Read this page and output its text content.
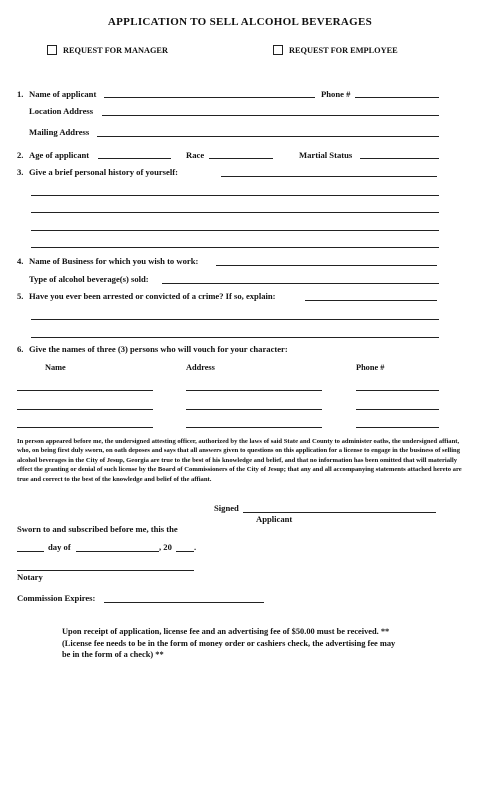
APPLICATION TO SELL ALCOHOL BEVERAGES
REQUEST FOR MANAGER	REQUEST FOR EMPLOYEE
1. Name of applicant	Phone #
Location Address
Mailing Address
2. Age of applicant	Race	Martial Status
3. Give a brief personal history of yourself:
4. Name of Business for which you wish to work:
Type of alcohol beverage(s) sold:
5. Have you ever been arrested or convicted of a crime? If so, explain:
6. Give the names of three (3) persons who will vouch for your character:
Name	Address	Phone #
In person appeared before me, the undersigned attesting officer, authorized by the laws of said State and County to administer oaths, the undersigned affiant, who, on being first duly sworn, on oath deposes and says that all answers given to questions on this application for a license to engage in the business of selling alcohol beverages in the City of Jesup, Georgia are true to the best of his knowledge and belief, and that no information has been omitted that will materially effect the granting or denial of such license by the Board of Commissioners of the City of Jesup; that any and all accompanying statements attached hereto are true and correct to the best of the knowledge and belief of the affiant.
Signed
Applicant
Sworn to and subscribed before me, this the
day of	, 20	.
Notary
Commission Expires:
Upon receipt of application, license fee and an advertising fee of $50.00 must be received. ** (License fee needs to be in the form of money order or cashiers check, the advertising fee may be in the form of a check) **
